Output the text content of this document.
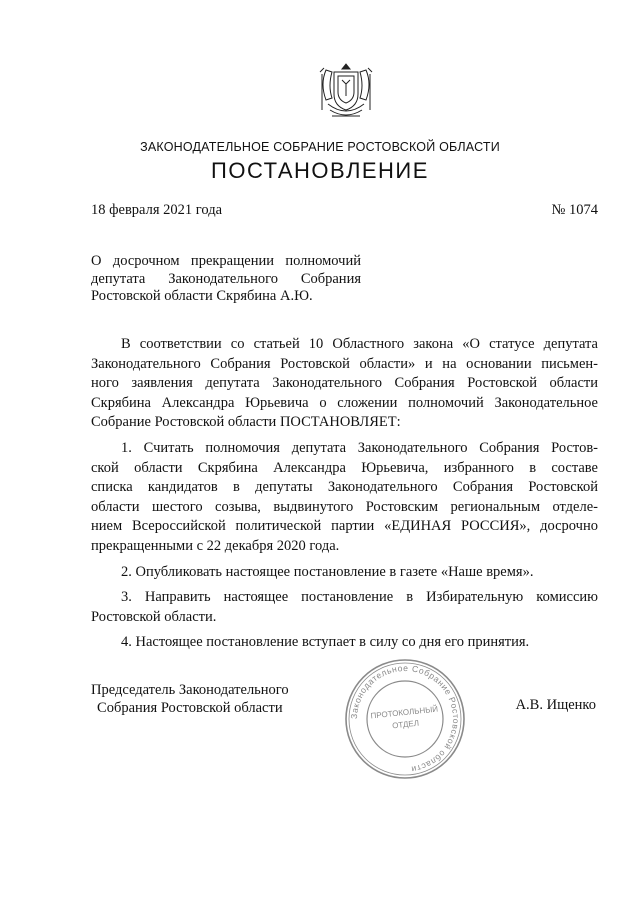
ЗАКОНОДАТЕЛЬНОЕ СОБРАНИЕ РОСТОВСКОЙ ОБЛАСТИ
ПОСТАНОВЛЕНИЕ
18 февраля 2021 года	№ 1074
О досрочном прекращении полномочий
депутата Законодательного Собрания
Ростовской области Скрябина А.Ю.
В соответствии со статьей 10 Областного закона «О статусе депутата
Законодательного Собрания Ростовской области» и на основании письмен-
ного заявления депутата Законодательного Собрания Ростовской области
Скрябина Александра Юрьевича о сложении полномочий Законодательное
Собрание Ростовской области ПОСТАНОВЛЯЕТ:
1. Считать полномочия депутата Законодательного Собрания Ростов-
ской области Скрябина Александра Юрьевича, избранного в составе
списка кандидатов в депутаты Законодательного Собрания Ростовской
области шестого созыва, выдвинутого Ростовским региональным отделе-
нием Всероссийской политической партии «ЕДИНАЯ РОССИЯ», досрочно
прекращенными с 22 декабря 2020 года.
2. Опубликовать настоящее постановление в газете «Наше время».
3. Направить настоящее постановление в Избирательную комиссию
Ростовской области.
4. Настоящее постановление вступает в силу со дня его принятия.
Председатель Законодательного
Собрания Ростовской области
Законодательное Собрание Ростовской области
ПРОТОКОЛЬНЫЙ
ОТДЕЛ
А.В. Ищенко
